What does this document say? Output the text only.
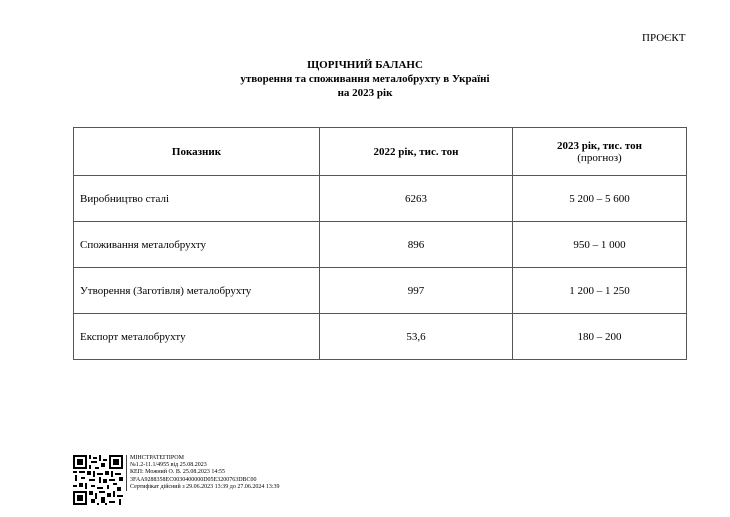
ПРОЄКТ
ЩОРІЧНИЙ БАЛАНС
утворення та споживання металобрухту в Україні
на 2023 рік
Показник	2022 рік, тис. тон	2023 рік, тис. тон
(прогноз)

Виробництво сталі	6263	5 200 – 5 600
Споживання металобрухту	896	950 – 1 000
Утворення (Заготівля) металобрухту	997	1 200 – 1 250
Експорт металобрухту	53,6	180 – 200
МІНСТРАТЕГПРОМ
№1.2-11.1/4955 від 25.08.2023
КЕП: Можний О. В. 25.08.2023 14:55
3FAA9288358EC0030400000D05E3200763DBC00
Сертифікат дійсний з 29.06.2023 13:39 до 27.06.2024 13:39
